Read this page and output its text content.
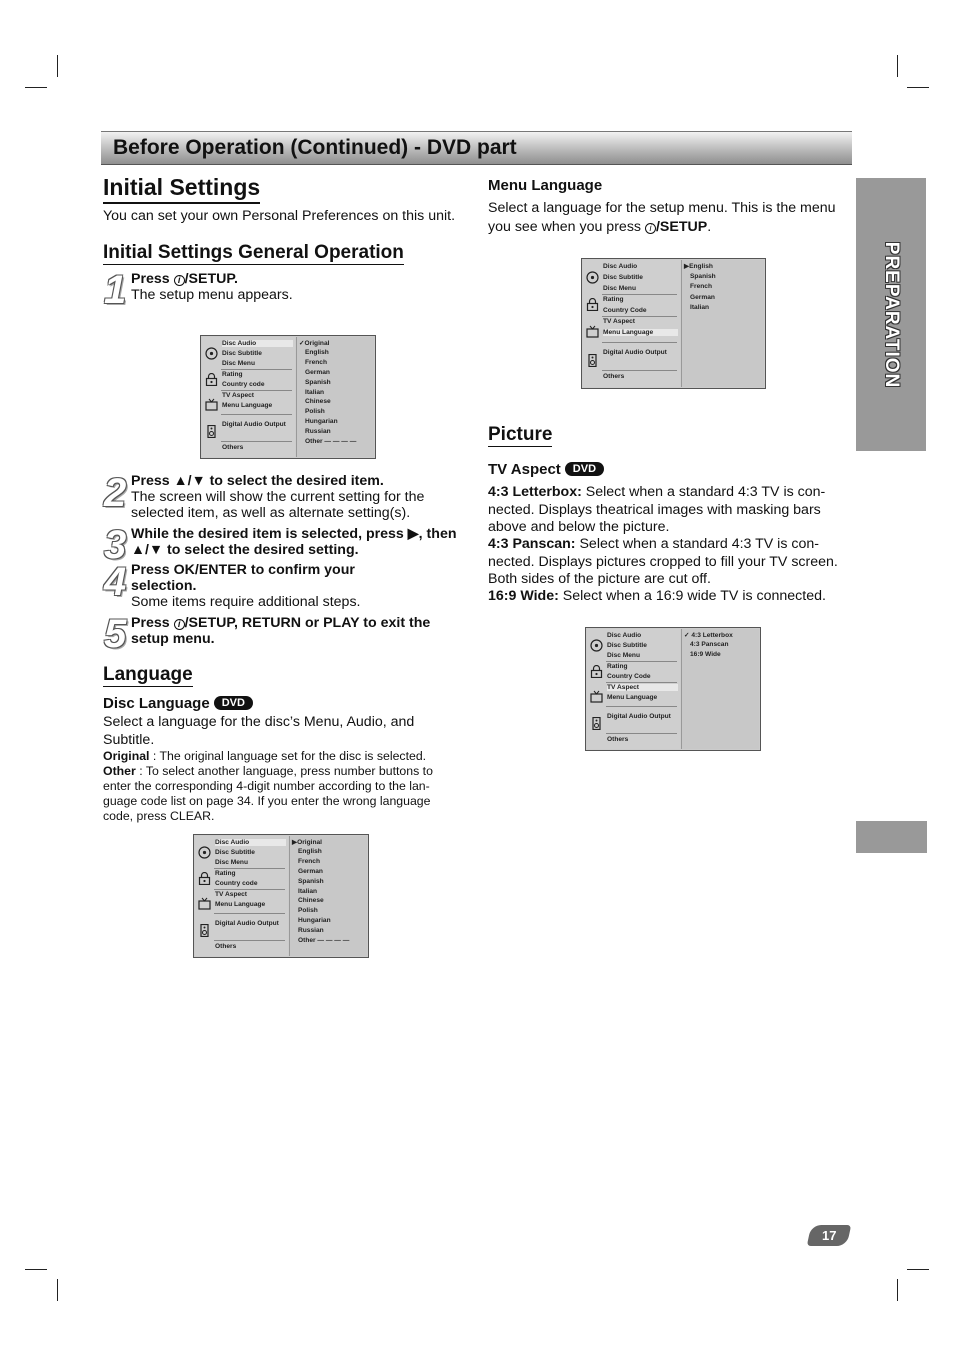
Before Operation (Continued) - DVD part
PREPARATION
Initial Settings
You can set your own Personal Preferences on this unit.
Initial Settings General Operation
1 Press i /SETUP.
The setup menu appears.
Disc Audio
Disc Subtitle
Disc Menu
Rating
Country code
TV Aspect
Menu Language
Digital Audio Output
Others
✓Original
English
French
German
Spanish
Italian
Chinese
Polish
Hungarian
Russian
Other — — — —
2 Press ▲/▼ to select the desired item.
The screen will show the current setting for the
selected item, as well as alternate setting(s).
3 While the desired item is selected, press ▶, then
▲/▼ to select the desired setting.
4 Press OK/ENTER to confirm your
selection.
Some items require additional steps.
5 Press i /SETUP, RETURN or PLAY to exit the
setup menu.
Language
Disc Language DVD
Select a language for the disc’s Menu, Audio, and
Subtitle.
Original : The original language set for the disc is selected.
Other : To select another language, press number buttons to
enter the corresponding 4-digit number according to the lan-
guage code list on page 34. If you enter the wrong language
code, press CLEAR.
Disc Audio
Disc Subtitle
Disc Menu
Rating
Country code
TV Aspect
Menu Language
Digital Audio Output
Others
▶Original
English
French
German
Spanish
Italian
Chinese
Polish
Hungarian
Russian
Other — — — —
Menu Language
Select a language for the setup menu. This is the menu
you see when you press i /SETUP.
Disc Audio
Disc Subtitle
Disc Menu
Rating
Country Code
TV Aspect
Menu Language
Digital Audio Output
Others
▶English
Spanish
French
German
Italian
Picture
TV Aspect DVD
4:3 Letterbox: Select when a standard 4:3 TV is con-
nected. Displays theatrical images with masking bars
above and below the picture.
4:3 Panscan: Select when a standard 4:3 TV is con-
nected. Displays pictures cropped to fill your TV screen.
Both sides of the picture are cut off.
16:9 Wide: Select when a 16:9 wide TV is connected.
Disc Audio
Disc Subtitle
Disc Menu
Rating
Country Code
TV Aspect
Menu Language
Digital Audio Output
Others
✓ 4:3 Letterbox
4:3 Panscan
16:9 Wide
17
